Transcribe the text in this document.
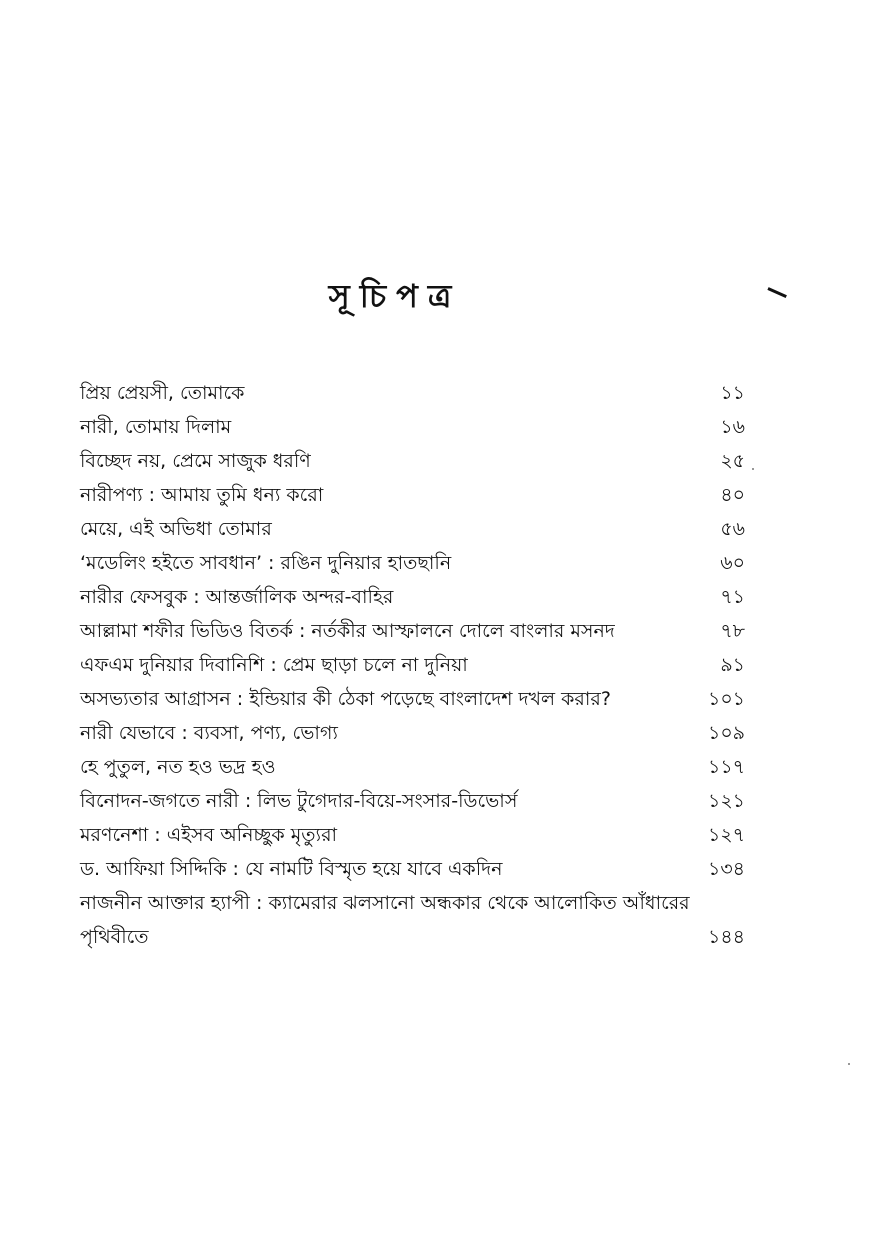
সূচিপত্র
প্রিয় প্রেয়সী, তোমাকে	১১
নারী, তোমায় দিলাম	১৬
বিচ্ছেদ নয়, প্রেমে সাজুক ধরণি	২৫
নারীপণ্য : আমায় তুমি ধন্য করো	৪০
মেয়ে, এই অভিধা তোমার	৫৬
‘মডেলিং হইতে সাবধান’ : রঙিন দুনিয়ার হাতছানি	৬০
নারীর ফেসবুক : আন্তর্জালিক অন্দর-বাহির	৭১
আল্লামা শফীর ভিডিও বিতর্ক : নর্তকীর আস্ফালনে দোলে বাংলার মসনদ	৭৮
এফএম দুনিয়ার দিবানিশি : প্রেম ছাড়া চলে না দুনিয়া	৯১
অসভ্যতার আগ্রাসন : ইন্ডিয়ার কী ঠেকা পড়েছে বাংলাদেশ দখল করার?	১০১
নারী যেভাবে : ব্যবসা, পণ্য, ভোগ্য	১০৯
হে পুতুল, নত হও ভদ্র হও	১১৭
বিনোদন-জগতে নারী : লিভ টুগেদার-বিয়ে-সংসার-ডিভোর্স	১২১
মরণনেশা : এইসব অনিচ্ছুক মৃত্যুরা	১২৭
ড. আফিয়া সিদ্দিকি : যে নামটি বিস্মৃত হয়ে যাবে একদিন	১৩৪
নাজনীন আক্তার হ্যাপী : ক্যামেরার ঝলসানো অন্ধকার থেকে আলোকিত আঁধারের পৃথিবীতে	১৪৪
